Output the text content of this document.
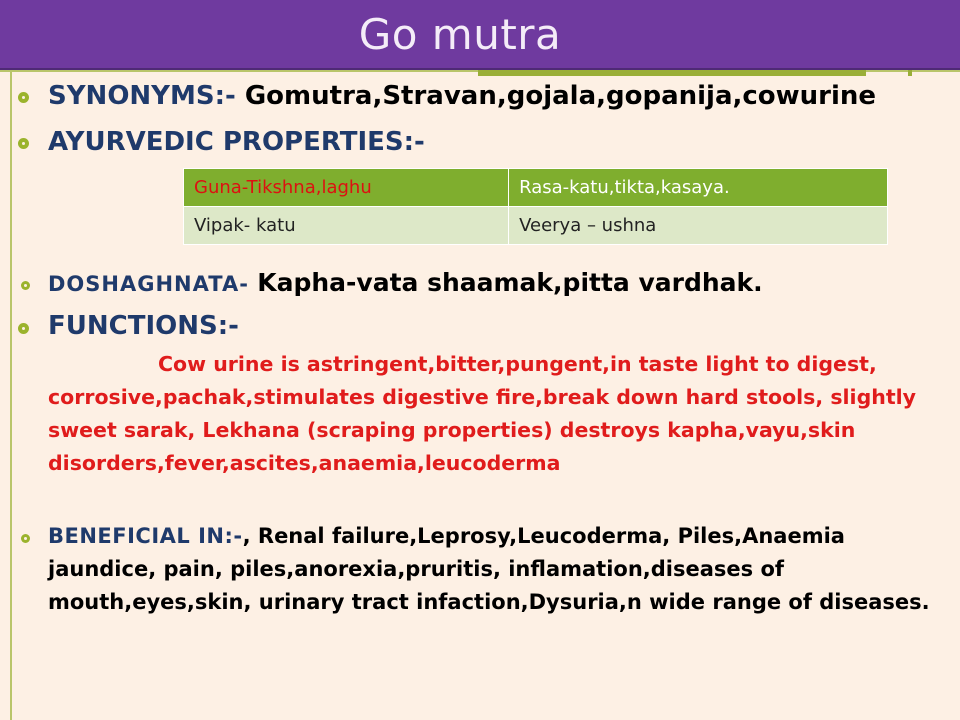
Go mutra
SYNONYMS:- Gomutra,Stravan,gojala,gopanija,cowurine
AYURVEDIC PROPERTIES:-
Guna-Tikshna,laghu	Rasa-katu,tikta,kasaya.
Vipak- katu	Veerya – ushna
DOSHAGHNATA- Kapha-vata shaamak,pitta vardhak.
FUNCTIONS:-
Cow urine is astringent,bitter,pungent,in taste light to digest, corrosive,pachak,stimulates digestive fire,break down hard stools, slightly sweet sarak, Lekhana (scraping properties) destroys kapha,vayu,skin disorders,fever,ascites,anaemia,leucoderma
BENEFICIAL IN:-, Renal failure,Leprosy,Leucoderma, Piles,Anaemia jaundice, pain, piles,anorexia,pruritis, inflamation,diseases of mouth,eyes,skin, urinary tract infaction,Dysuria,n wide range of diseases.
